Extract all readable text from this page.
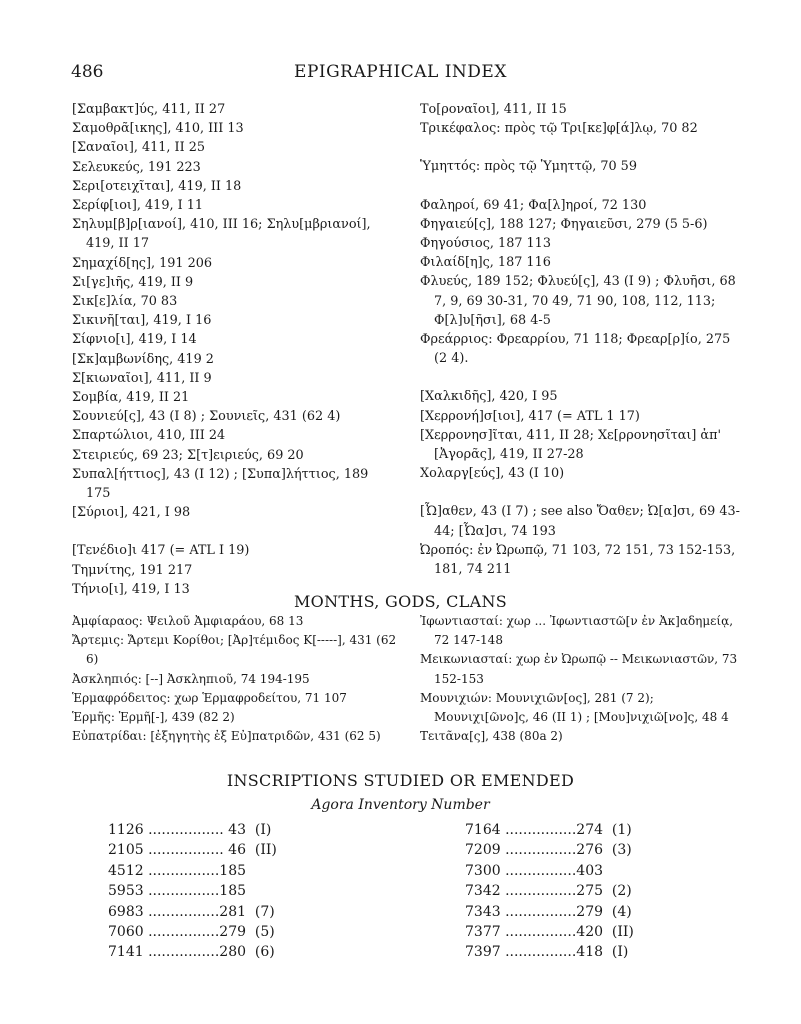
486	EPIGRAPHICAL INDEX
[Σαμβακτ]ύς, 411, II 27
Σαμοθρᾶ[ικης], 410, III 13
[Σαναῖοι], 411, II 25
Σελευκεύς, 191 223
Σερι[οτειχῖται], 419, II 18
Σερίφ[ιοι], 419, I 11
Σηλυμ[β]ρ[ιανοί], 410, III 16; Σηλυ[μβριανοί], 419, II 17
Σημαχίδ[ης], 191 206
Σι[γε]ιῆς, 419, II 9
Σικ[ε]λία, 70 83
Σικινῆ[ται], 419, I 16
Σίφνιο[ι], 419, I 14
[Σκ]αμβωνίδης, 419 2
Σ[κιωναῖοι], 411, II 9
Σομβία, 419, II 21
Σουνιεύ[ς], 43 (I 8) ; Σουνιεῖς, 431 (62 4)
Σπαρτώλιοι, 410, III 24
Στειριεύς, 69 23; Σ[τ]ειριεύς, 69 20
Συπαλ[ήττιος], 43 (I 12) ; [Συπα]λήττιος, 189 175
[Σύριοι], 421, I 98
[Τενέδιο]ι 417 (= ATL I 19)
Τημνίτης, 191 217
Τήνιο[ι], 419, I 13
Το[ροναῖοι], 411, II 15
Τρικέφαλος: πρὸς τῷ Τρι[κε]φ[ά]λῳ, 70 82
Ὑμηττός: πρὸς τῷ Ὑμηττῷ, 70 59
Φαληροί, 69 41; Φα[λ]ηροί, 72 130
Φηγαιεύ[ς], 188 127; Φηγαιεῦσι, 279 (5 5-6)
Φηγούσιος, 187 113
Φιλαίδ[η]ς, 187 116
Φλυεύς, 189 152; Φλυεύ[ς], 43 (I 9) ; Φλυῆσι, 68 7, 9, 69 30-31, 70 49, 71 90, 108, 112, 113; Φ[λ]υ[ῆσι], 68 4-5
Φρεάρριος: Φρεαρρίου, 71 118; Φρεαρ[ρ]ίο, 275 (2 4).
[Χαλκιδῆς], 420, I 95
[Χερρονή]σ[ιοι], 417 (= ATL 1 17)
[Χερρονησ]ῖται, 411, II 28; Χε[ρρονησῖται] ἀπ' [Ἀγορᾶς], 419, II 27-28
Χολαργ[εύς], 43 (I 10)
[Ὦ]αθεν, 43 (I 7) ; see also Ὄαθεν; Ὠ[α]σι, 69 43-44; [Ὦα]σι, 74 193
Ὠροπός: ἐν Ὠρωπῷ, 71 103, 72 151, 73 152-153, 181, 74 211
MONTHS, GODS, CLANS
Ἀμφίαραος: Ψειλοῦ Ἀμφιαράου, 68 13
Ἄρτεμις: Ἄρτεμι Κορίθοι; [Ἀρ]τέμιδος Κ[-----], 431 (62 6)
Ἀσκληπιός: [--] Ἀσκληπιοῦ, 74 194-195
Ἑρμαφρόδειτος: χωρ Ἑρμαφροδείτου, 71 107
Ἑρμῆς: Ἑρμῆ[-], 439 (82 2)
Εὐπατρίδαι: [ἐξηγητὴς ἐξ Εὐ]πατριδῶν, 431 (62 5)
Ἰφωντιασταί: χωρ ... Ἰφωντιαστῶ[ν ἐν Ἀκ]αδημείᾳ, 72 147-148
Μεικωνιασταί: χωρ ἐν Ὠρωπῷ -- Μεικωνιαστῶν, 73 152-153
Μουνιχιών: Μουνιχιῶν[ος], 281 (7 2); Μουνιχι[ῶνο]ς, 46 (II 1) ; [Μου]νιχιῶ[νο]ς, 48 4
Τειτᾶνα[ς], 438 (80a 2)
INSCRIPTIONS STUDIED OR EMENDED
Agora Inventory Number
1126 ................. 43  (I)
2105 ................. 46  (II)
4512 ................185
5953 ................185
6983 ................281  (7)
7060 ................279  (5)
7141 ................280  (6)
7164 ................274  (1)
7209 ................276  (3)
7300 ................403
7342 ................275  (2)
7343 ................279  (4)
7377 ................420  (II)
7397 ................418  (I)
